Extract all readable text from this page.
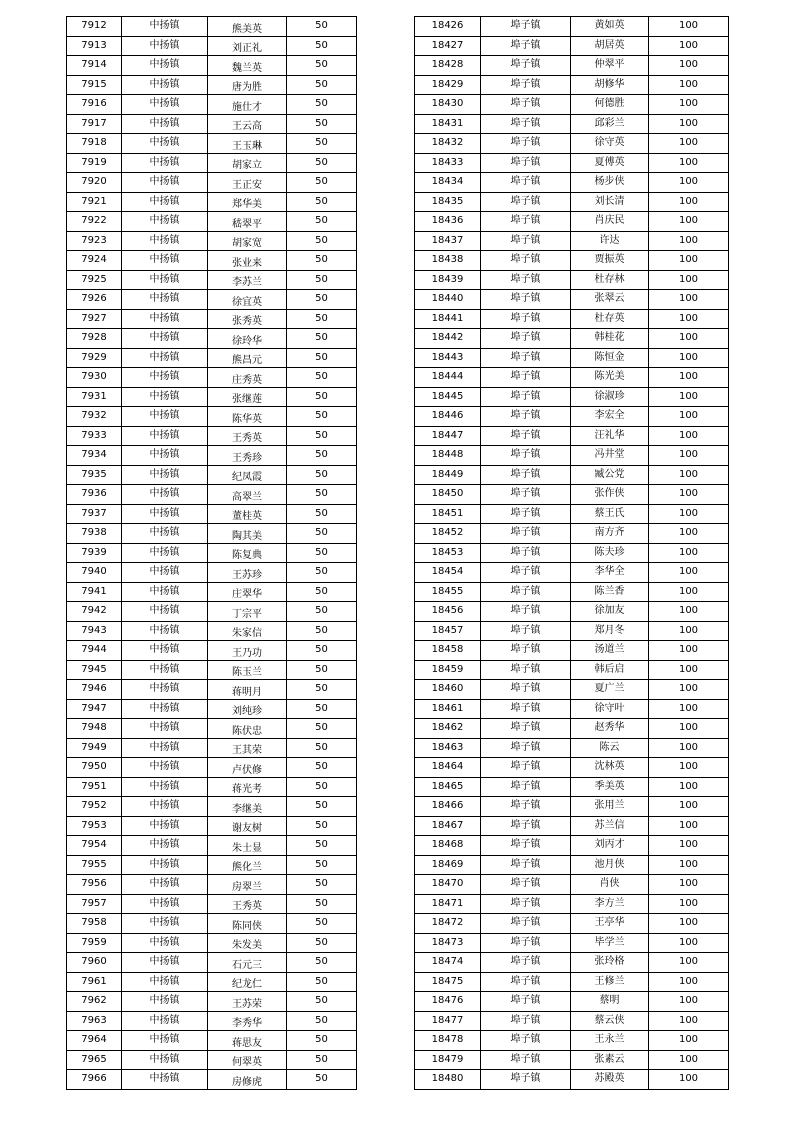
7912	中扬镇	熊美英	50
7913	中扬镇	刘正礼	50
7914	中扬镇	魏兰英	50
7915	中扬镇	唐为胜	50
7916	中扬镇	施仕才	50
7917	中扬镇	王云高	50
7918	中扬镇	王玉琳	50
7919	中扬镇	胡家立	50
7920	中扬镇	王正安	50
7921	中扬镇	郑华美	50
7922	中扬镇	嵇翠平	50
7923	中扬镇	胡家宽	50
7924	中扬镇	张业来	50
7925	中扬镇	李苏兰	50
7926	中扬镇	徐宜英	50
7927	中扬镇	张秀英	50
7928	中扬镇	徐玲华	50
7929	中扬镇	熊昌元	50
7930	中扬镇	庄秀英	50
7931	中扬镇	张继莲	50
7932	中扬镇	陈华英	50
7933	中扬镇	王秀英	50
7934	中扬镇	王秀珍	50
7935	中扬镇	纪凤霞	50
7936	中扬镇	高翠兰	50
7937	中扬镇	董桂英	50
7938	中扬镇	陶其美	50
7939	中扬镇	陈复典	50
7940	中扬镇	王苏珍	50
7941	中扬镇	庄翠华	50
7942	中扬镇	丁宗平	50
7943	中扬镇	朱家信	50
7944	中扬镇	王乃功	50
7945	中扬镇	陈玉兰	50
7946	中扬镇	蒋明月	50
7947	中扬镇	刘纯珍	50
7948	中扬镇	陈伏忠	50
7949	中扬镇	王其荣	50
7950	中扬镇	卢伏修	50
7951	中扬镇	蒋光考	50
7952	中扬镇	李继美	50
7953	中扬镇	谢友树	50
7954	中扬镇	朱士显	50
7955	中扬镇	熊化兰	50
7956	中扬镇	房翠兰	50
7957	中扬镇	王秀英	50
7958	中扬镇	陈同侠	50
7959	中扬镇	朱发美	50
7960	中扬镇	石元三	50
7961	中扬镇	纪龙仁	50
7962	中扬镇	王苏荣	50
7963	中扬镇	李秀华	50
7964	中扬镇	蒋思友	50
7965	中扬镇	何翠英	50
7966	中扬镇	房修虎	50
18426	埠子镇	黄如英	100
18427	埠子镇	胡居英	100
18428	埠子镇	仲翠平	100
18429	埠子镇	胡修华	100
18430	埠子镇	何德胜	100
18431	埠子镇	邱彩兰	100
18432	埠子镇	徐守英	100
18433	埠子镇	夏傅英	100
18434	埠子镇	杨步侠	100
18435	埠子镇	刘长清	100
18436	埠子镇	肖庆民	100
18437	埠子镇	许达	100
18438	埠子镇	贾振英	100
18439	埠子镇	杜存林	100
18440	埠子镇	张翠云	100
18441	埠子镇	杜存英	100
18442	埠子镇	韩桂花	100
18443	埠子镇	陈恒金	100
18444	埠子镇	陈光美	100
18445	埠子镇	徐淑珍	100
18446	埠子镇	李宏全	100
18447	埠子镇	汪礼华	100
18448	埠子镇	冯井堂	100
18449	埠子镇	臧公党	100
18450	埠子镇	张作侠	100
18451	埠子镇	蔡王氏	100
18452	埠子镇	南方齐	100
18453	埠子镇	陈夫珍	100
18454	埠子镇	李华全	100
18455	埠子镇	陈兰香	100
18456	埠子镇	徐加友	100
18457	埠子镇	郑月冬	100
18458	埠子镇	汤道兰	100
18459	埠子镇	韩后启	100
18460	埠子镇	夏广兰	100
18461	埠子镇	徐守叶	100
18462	埠子镇	赵秀华	100
18463	埠子镇	陈云	100
18464	埠子镇	沈林英	100
18465	埠子镇	季美英	100
18466	埠子镇	张用兰	100
18467	埠子镇	苏兰信	100
18468	埠子镇	刘丙才	100
18469	埠子镇	池月侠	100
18470	埠子镇	肖侠	100
18471	埠子镇	李方兰	100
18472	埠子镇	王亭华	100
18473	埠子镇	毕学兰	100
18474	埠子镇	张玲格	100
18475	埠子镇	王修兰	100
18476	埠子镇	蔡明	100
18477	埠子镇	蔡云侠	100
18478	埠子镇	王永兰	100
18479	埠子镇	张素云	100
18480	埠子镇	苏殿英	100
